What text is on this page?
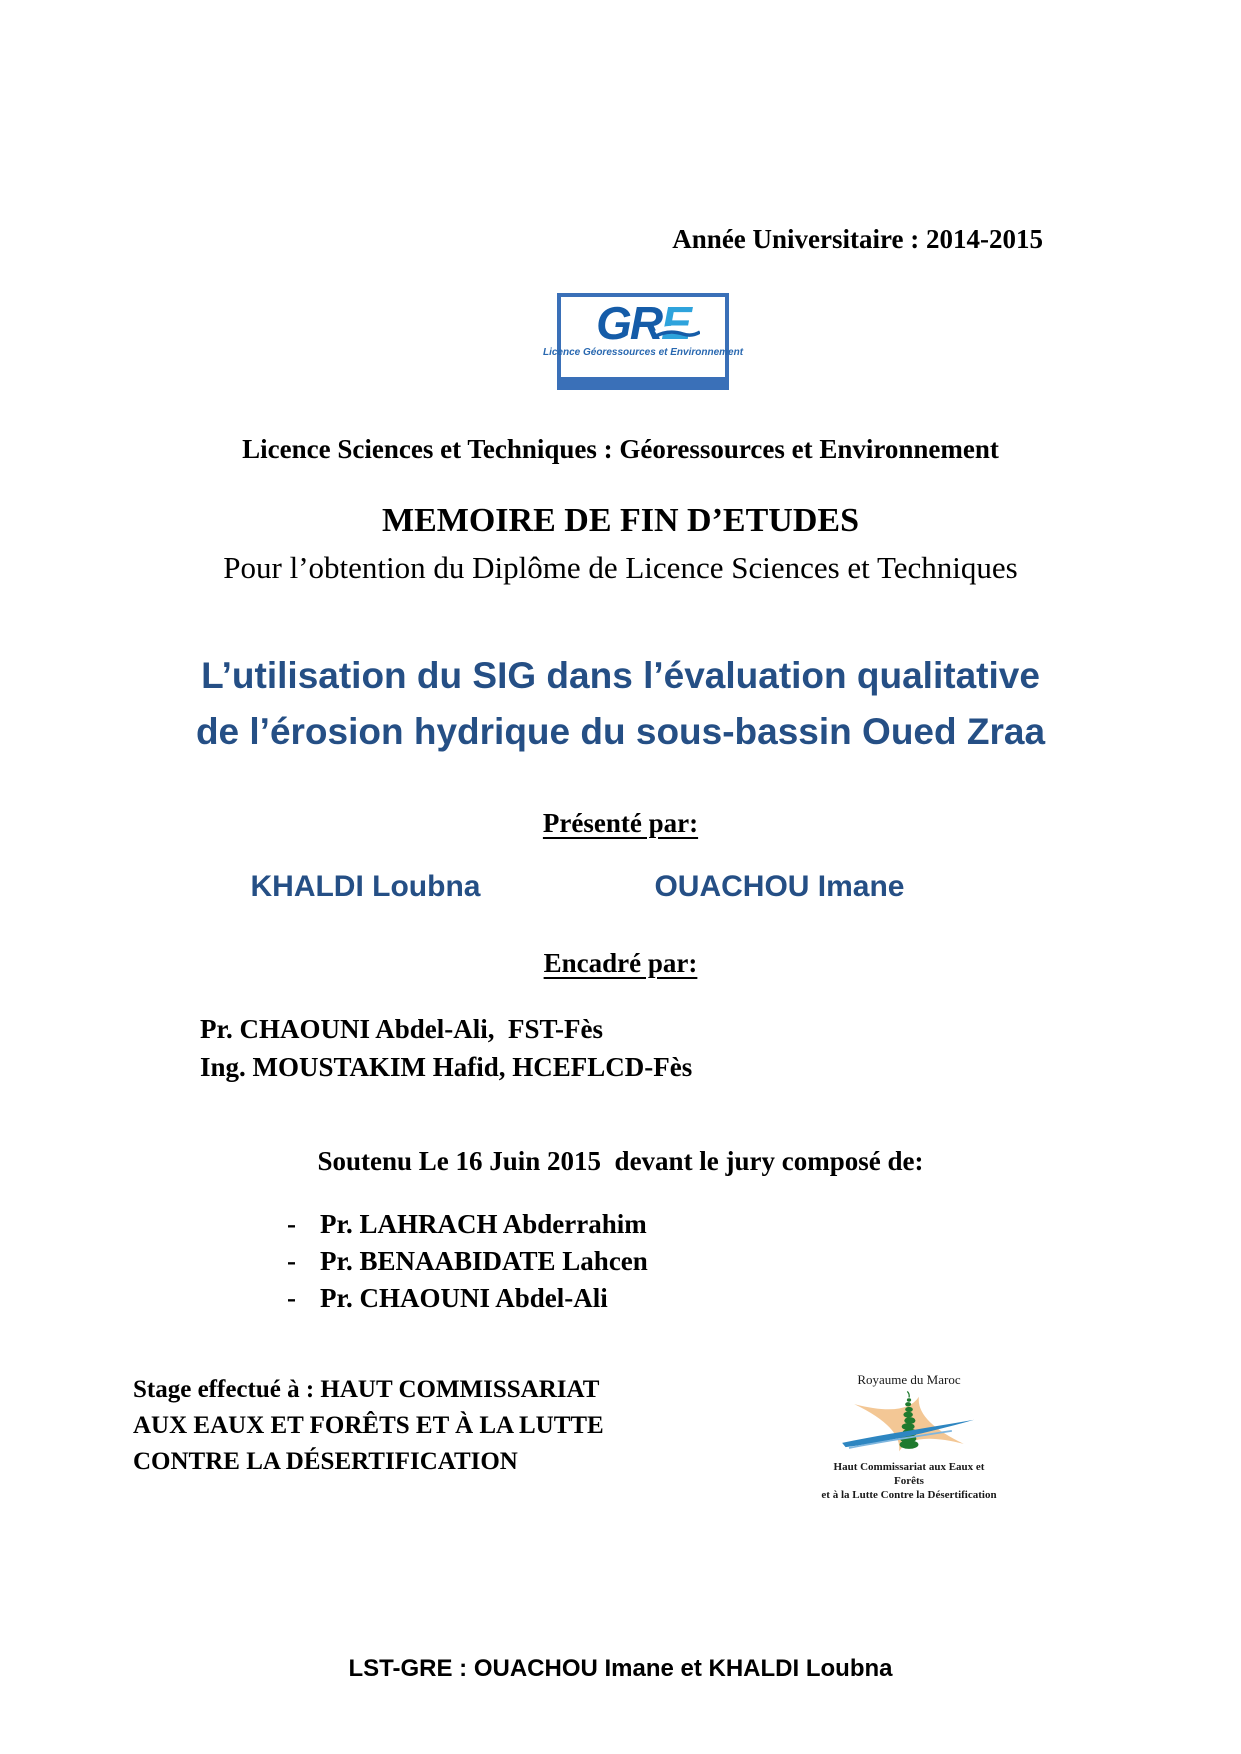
Année Universitaire : 2014-2015
GRE
Licence Géoressources et Environnement
Licence Sciences et Techniques : Géoressources et Environnement
MEMOIRE DE FIN D’ETUDES
Pour l’obtention du Diplôme de Licence Sciences et Techniques
L’utilisation du SIG dans l’évaluation qualitative
de l’érosion hydrique du sous-bassin Oued Zraa
Présenté par:
KHALDI Loubna	OUACHOU Imane
Encadré par:
Pr. CHAOUNI Abdel-Ali,  FST-Fès
Ing. MOUSTAKIM Hafid, HCEFLCD-Fès
Soutenu Le 16 Juin 2015  devant le jury composé de:
- Pr. LAHRACH Abderrahim
- Pr. BENAABIDATE Lahcen
- Pr. CHAOUNI Abdel-Ali
Stage effectué à : HAUT COMMISSARIAT
AUX EAUX ET FORÊTS ET À LA LUTTE
CONTRE LA DÉSERTIFICATION
Royaume du Maroc
Haut Commissariat aux Eaux et Forêts
et à la Lutte Contre la Désertification
LST-GRE : OUACHOU Imane et KHALDI Loubna
